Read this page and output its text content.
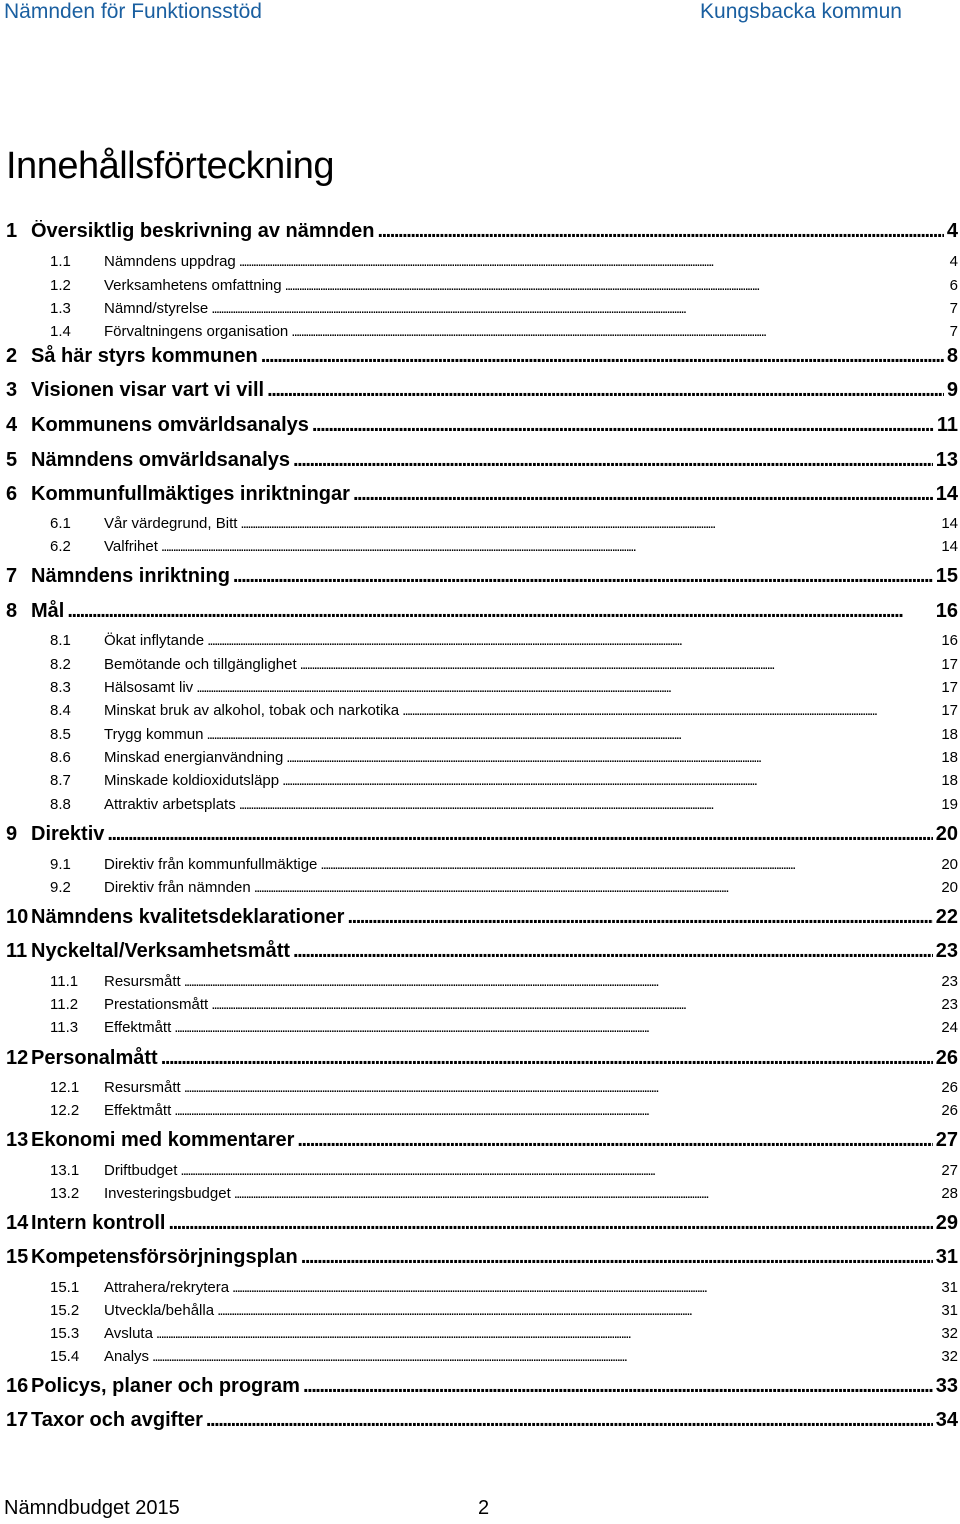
Nämnden för Funktionsstöd	Kungsbacka kommun
Innehållsförteckning
1 Översiktlig beskrivning av nämnden . . .	4
1.1	Nämndens uppdrag . . .	4
1.2	Verksamhetens omfattning . . .	6
1.3	Nämnd/styrelse . . .	7
1.4	Förvaltningens organisation . . .	7
2 Så här styrs kommunen . . .	8
3 Visionen visar vart vi vill . . .	9
4 Kommunens omvärldsanalys . . .	11
5 Nämndens omvärldsanalys . . .	13
6 Kommunfullmäktiges inriktningar . . .	14
6.1	Vår värdegrund, Bitt . . .	14
6.2	Valfrihet . . .	14
7 Nämndens inriktning . . .	15
8 Mål . . .	16
8.1	Ökat inflytande . . .	16
8.2	Bemötande och tillgänglighet . . .	17
8.3	Hälsosamt liv . . .	17
8.4	Minskat bruk av alkohol, tobak och narkotika . . .	17
8.5	Trygg kommun . . .	18
8.6	Minskad energianvändning . . .	18
8.7	Minskade koldioxidutsläpp . . .	18
8.8	Attraktiv arbetsplats . . .	19
9 Direktiv . . .	20
9.1	Direktiv från kommunfullmäktige . . .	20
9.2	Direktiv från nämnden . . .	20
10 Nämndens kvalitetsdeklarationer . . .	22
11 Nyckeltal/Verksamhetsmått . . .	23
11.1	Resursmått . . .	23
11.2	Prestationsmått . . .	23
11.3	Effektmått . . .	24
12 Personalmått . . .	26
12.1	Resursmått . . .	26
12.2	Effektmått . . .	26
13 Ekonomi med kommentarer . . .	27
13.1	Driftbudget . . .	27
13.2	Investeringsbudget . . .	28
14 Intern kontroll . . .	29
15 Kompetensförsörjningsplan . . .	31
15.1	Attrahera/rekrytera . . .	31
15.2	Utveckla/behålla . . .	31
15.3	Avsluta . . .	32
15.4	Analys . . .	32
16 Policys, planer och program . . .	33
17 Taxor och avgifter . . .	34
Nämndbudget 2015	2
